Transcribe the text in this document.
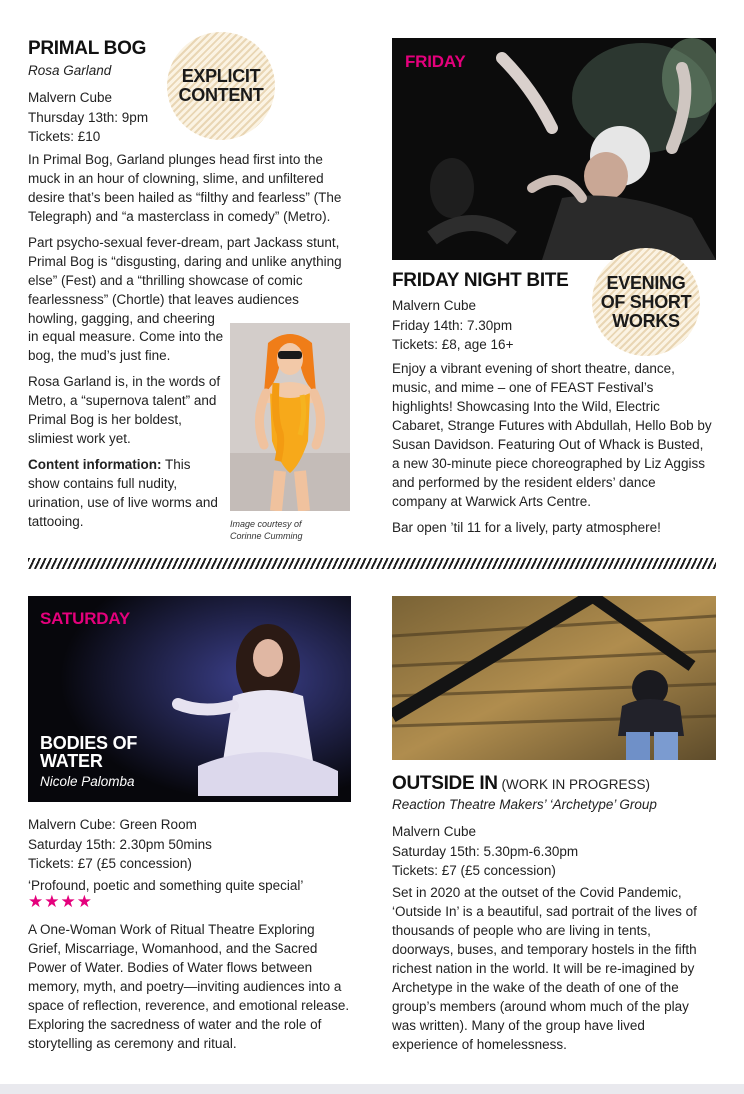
PRIMAL BOG
Rosa Garland
Malvern Cube
Thursday 13th: 9pm
Tickets: £10
EXPLICIT
CONTENT

In Primal Bog, Garland plunges head first into the muck in an hour of clowning, slime, and unfiltered desire that’s been hailed as “filthy and fearless” (The Telegraph) and “a masterclass in comedy” (Metro).

Part psycho-sexual fever-dream, part Jackass stunt, Primal Bog is “disgusting, daring and unlike anything else” (Fest) and a “thrilling showcase of comic fearlessness” (Chortle) that leaves audiences howling, gagging, and cheering

in equal measure. Come into the bog, the mud’s just fine.

Rosa Garland is, in the words of Metro, a “supernova talent” and Primal Bog is her boldest, slimiest work yet.

Content information: This show contains full nudity, urination, use of live worms and tattooing.	Image courtesy of
Corinne Cumming
FRIDAY
EVENING
OF SHORT
WORKS
FRIDAY NIGHT BITE
Malvern Cube
Friday 14th: 7.30pm
Tickets: £8, age 16+

Enjoy a vibrant evening of short theatre, dance, music, and mime – one of FEAST Festival’s highlights! Showcasing Into the Wild, Electric Cabaret, Strange Futures with Abdullah, Hello Bob by Susan Davidson. Featuring Out of Whack is Busted, a new 30-minute piece choreographed by Liz Aggiss and performed by the resident elders’ dance company at Warwick Arts Centre.

Bar open ’til 11 for a lively, party atmosphere!

SATURDAY
BODIES OF
WATER
Nicole Palomba
Malvern Cube: Green Room
Saturday 15th: 2.30pm 50mins
Tickets: £7 (£5 concession)
‘Profound, poetic and something quite special’
★★★★

A One-Woman Work of Ritual Theatre Exploring Grief, Miscarriage, Womanhood, and the Sacred Power of Water. Bodies of Water flows between memory, myth, and poetry—inviting audiences into a space of reflection, reverence, and emotional release. Exploring the sacredness of water and the role of storytelling as ceremony and ritual.

OUTSIDE IN (WORK IN PROGRESS)
Reaction Theatre Makers’ ‘Archetype’ Group
Malvern Cube
Saturday 15th: 5.30pm-6.30pm
Tickets: £7 (£5 concession)

Set in 2020 at the outset of the Covid Pandemic, ‘Outside In’ is a beautiful, sad portrait of the lives of thousands of people who are living in tents, doorways, buses, and temporary hostels in the fifth richest nation in the world. It will be re-imagined by Archetype in the wake of the death of one of the group’s members (around whom much of the play was written). Many of the group have lived experience of homelessness.
